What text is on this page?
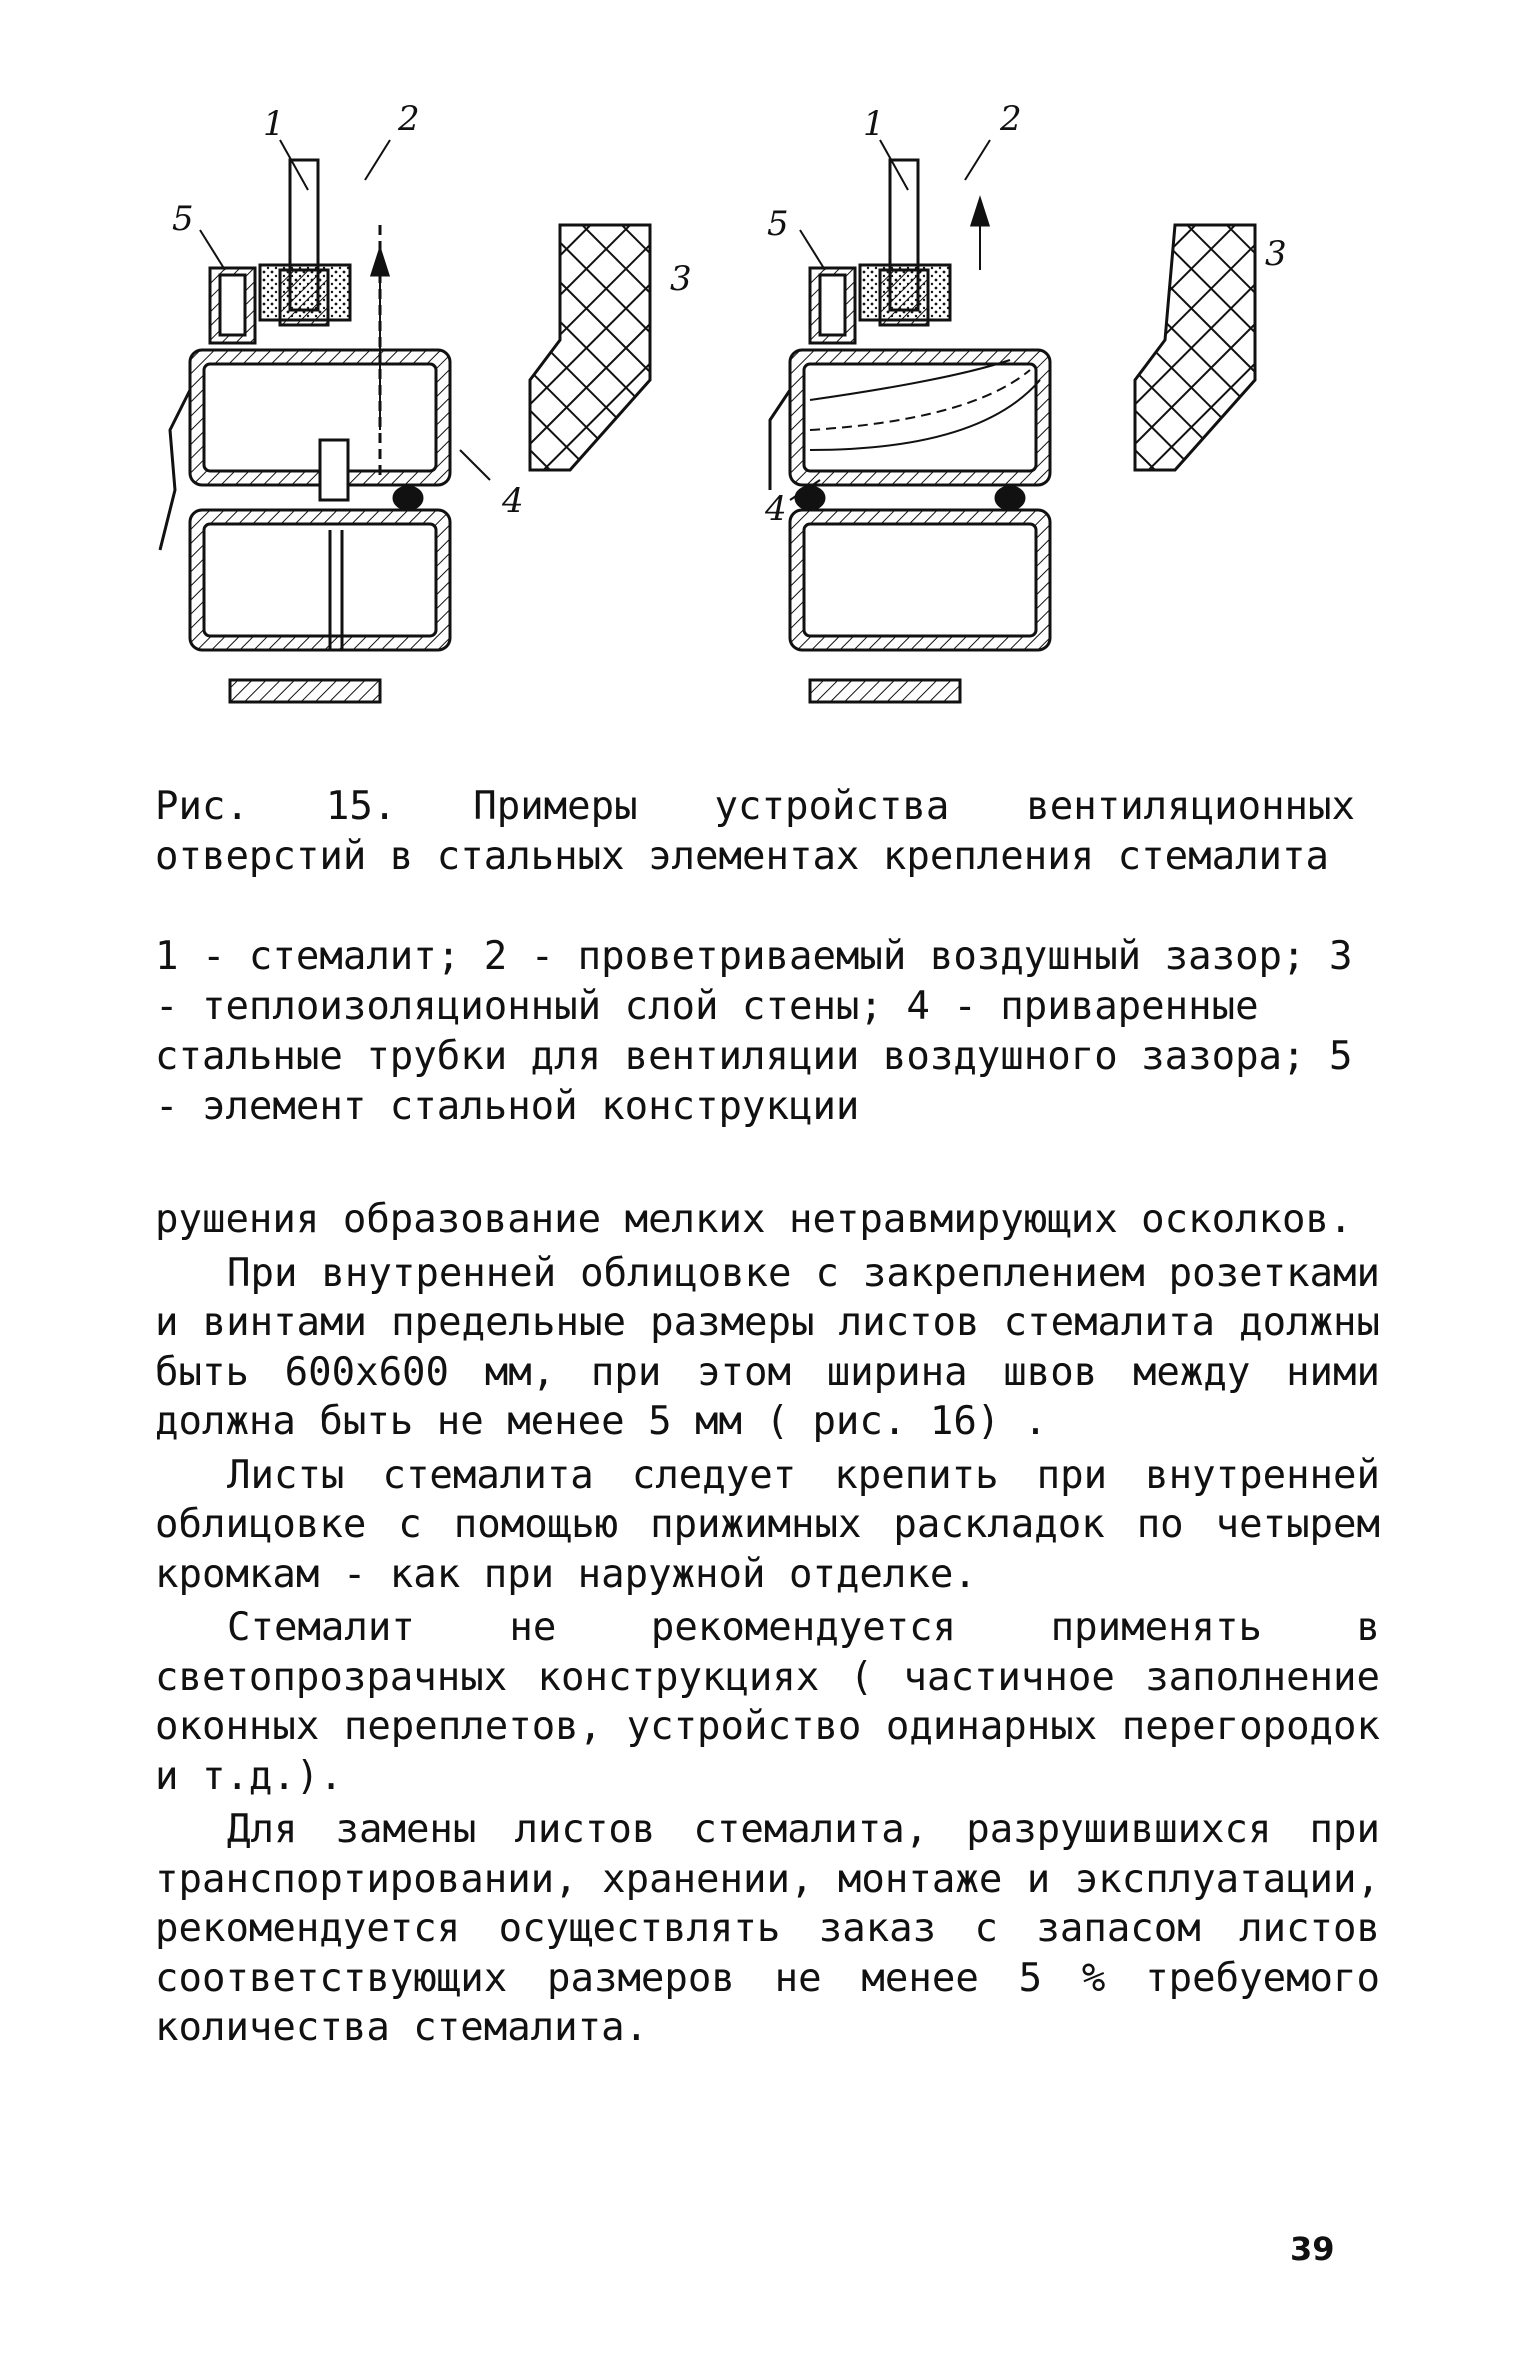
1	2
3
4
5
1	2
3
4
5

Рис. 15. Примеры устройства вентиляционных отверстий в стальных элементах крепления стемалита

1 - стемалит; 2 - проветриваемый воздушный зазор; 3 - теплоизоляционный слой стены; 4 - приваренные стальные трубки для вентиляции воздушного зазора; 5 - элемент стальной конструкции

рушения образование мелких нетравмирующих осколков.

При внутренней облицовке с закреплением розетками и винтами предельные размеры листов стемалита должны быть 600х600 мм, при этом ширина швов между ними должна быть не менее 5 мм ( рис. 16) .

Листы стемалита следует крепить при внутренней облицовке с помощью прижимных раскладок по четырем кромкам - как при наружной отделке.

Стемалит не рекомендуется применять в светопрозрачных конструкциях ( частичное заполнение оконных переплетов, устройство одинарных перегородок и т.д.).

Для замены листов стемалита, разрушившихся при транспортировании, хранении, монтаже и эксплуатации, рекомендуется осуществлять заказ с запасом листов соответствующих размеров не менее 5 % требуемого количества стемалита.

39
